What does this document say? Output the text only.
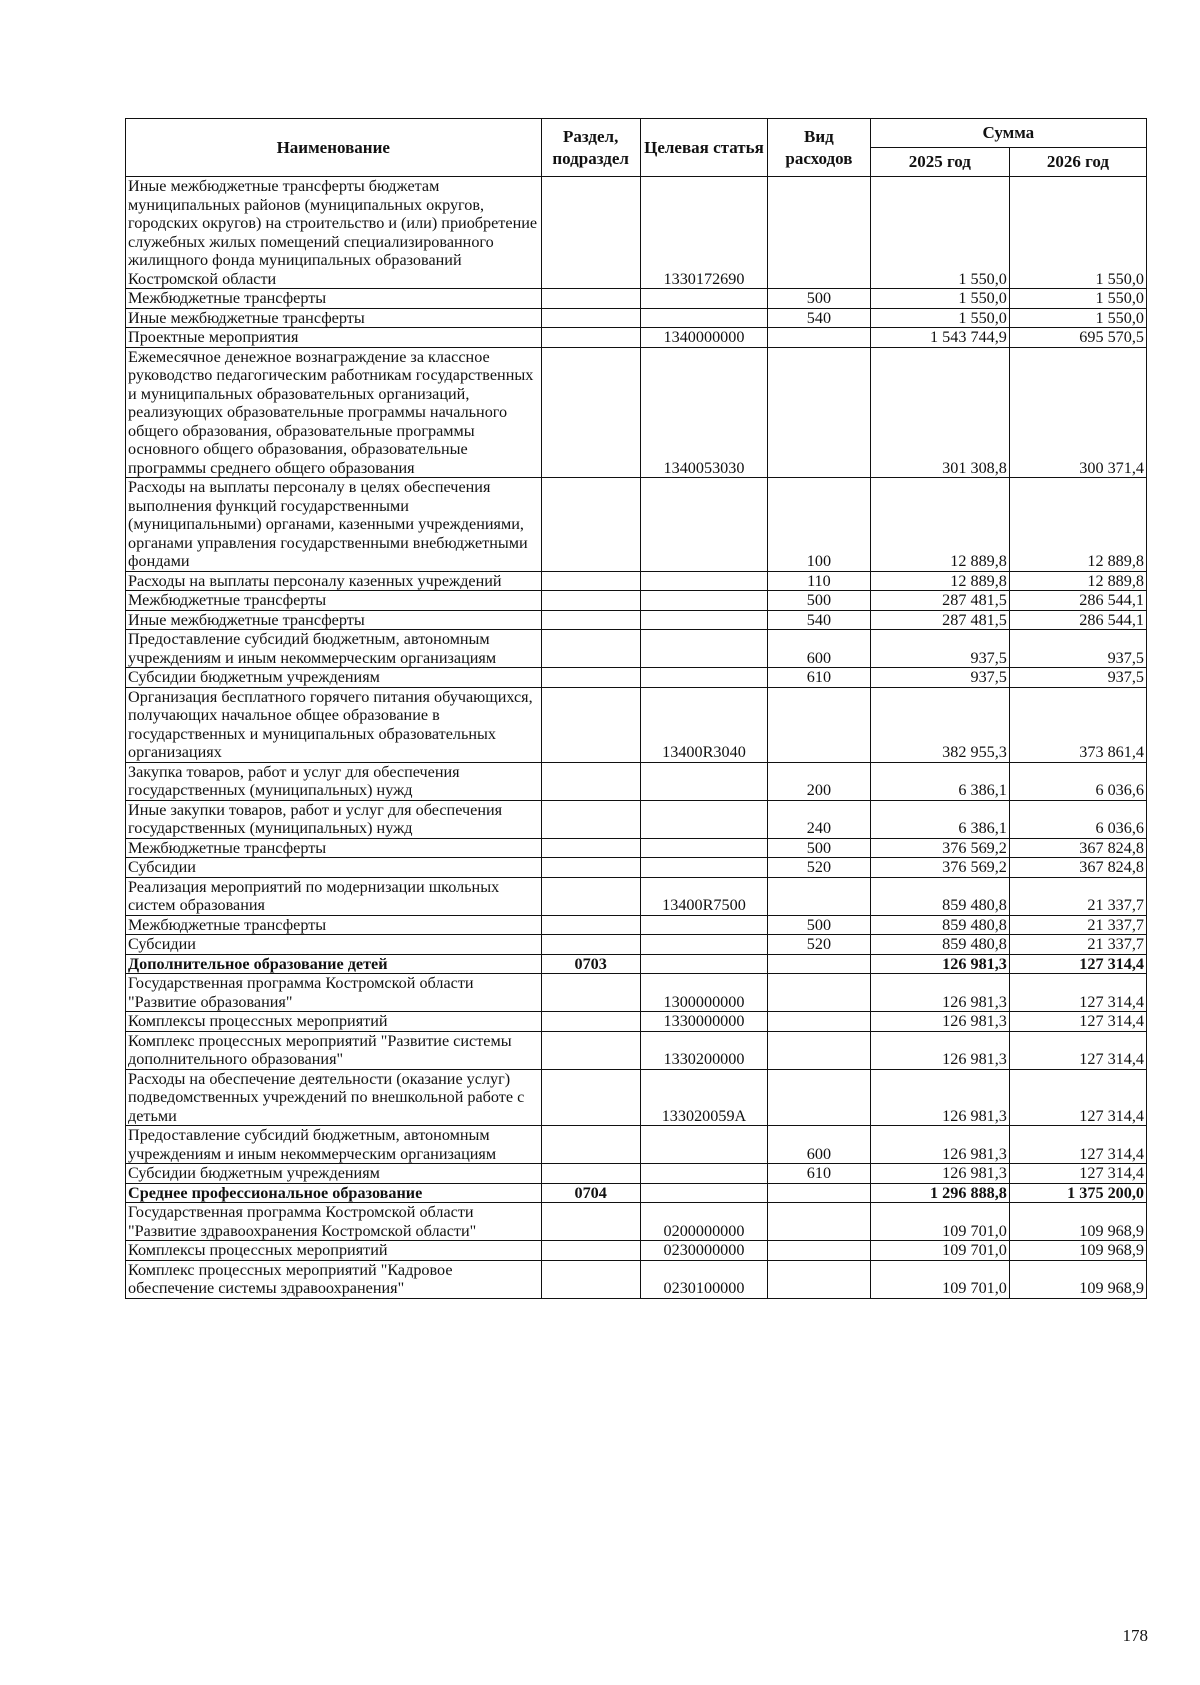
Наименование	Раздел, подраздел	Целевая статья	Вид расходов	Сумма	
				2025 год	2026 год
Иные межбюджетные трансферты бюджетам муниципальных районов (муниципальных округов, городских округов) на строительство и (или) приобретение служебных жилых помещений специализированного жилищного фонда муниципальных образований Костромской области		1330172690		1 550,0	1 550,0
Межбюджетные трансферты			500	1 550,0	1 550,0
Иные межбюджетные трансферты			540	1 550,0	1 550,0
Проектные мероприятия		1340000000		1 543 744,9	695 570,5
Ежемесячное денежное вознаграждение за классное руководство педагогическим работникам государственных и муниципальных образовательных организаций, реализующих образовательные программы начального общего образования, образовательные программы основного общего образования, образовательные программы среднего общего образования		1340053030		301 308,8	300 371,4
Расходы на выплаты персоналу в целях обеспечения выполнения функций государственными (муниципальными) органами, казенными учреждениями, органами управления государственными внебюджетными фондами			100	12 889,8	12 889,8
Расходы на выплаты персоналу казенных учреждений			110	12 889,8	12 889,8
Межбюджетные трансферты			500	287 481,5	286 544,1
Иные межбюджетные трансферты			540	287 481,5	286 544,1
Предоставление субсидий бюджетным, автономным учреждениям и иным некоммерческим организациям			600	937,5	937,5
Субсидии бюджетным учреждениям			610	937,5	937,5
Организация бесплатного горячего питания обучающихся, получающих начальное общее образование в государственных и муниципальных образовательных организациях		13400R3040		382 955,3	373 861,4
Закупка товаров, работ и услуг для обеспечения государственных (муниципальных) нужд			200	6 386,1	6 036,6
Иные закупки товаров, работ и услуг для обеспечения государственных (муниципальных) нужд			240	6 386,1	6 036,6
Межбюджетные трансферты			500	376 569,2	367 824,8
Субсидии			520	376 569,2	367 824,8
Реализация мероприятий по модернизации школьных систем образования		13400R7500		859 480,8	21 337,7
Межбюджетные трансферты			500	859 480,8	21 337,7
Субсидии			520	859 480,8	21 337,7
Дополнительное образование детей	0703			126 981,3	127 314,4
Государственная программа Костромской области "Развитие образования"		1300000000		126 981,3	127 314,4
Комплексы процессных мероприятий		1330000000		126 981,3	127 314,4
Комплекс процессных мероприятий "Развитие системы дополнительного образования"		1330200000		126 981,3	127 314,4
Расходы на обеспечение деятельности (оказание услуг) подведомственных учреждений по внешкольной работе с детьми		133020059А		126 981,3	127 314,4
Предоставление субсидий бюджетным, автономным учреждениям и иным некоммерческим организациям			600	126 981,3	127 314,4
Субсидии бюджетным учреждениям			610	126 981,3	127 314,4
Среднее профессиональное образование	0704			1 296 888,8	1 375 200,0
Государственная программа Костромской области "Развитие здравоохранения Костромской области"		0200000000		109 701,0	109 968,9
Комплексы процессных мероприятий		0230000000		109 701,0	109 968,9
Комплекс процессных мероприятий "Кадровое обеспечение системы здравоохранения"		0230100000		109 701,0	109 968,9
178
